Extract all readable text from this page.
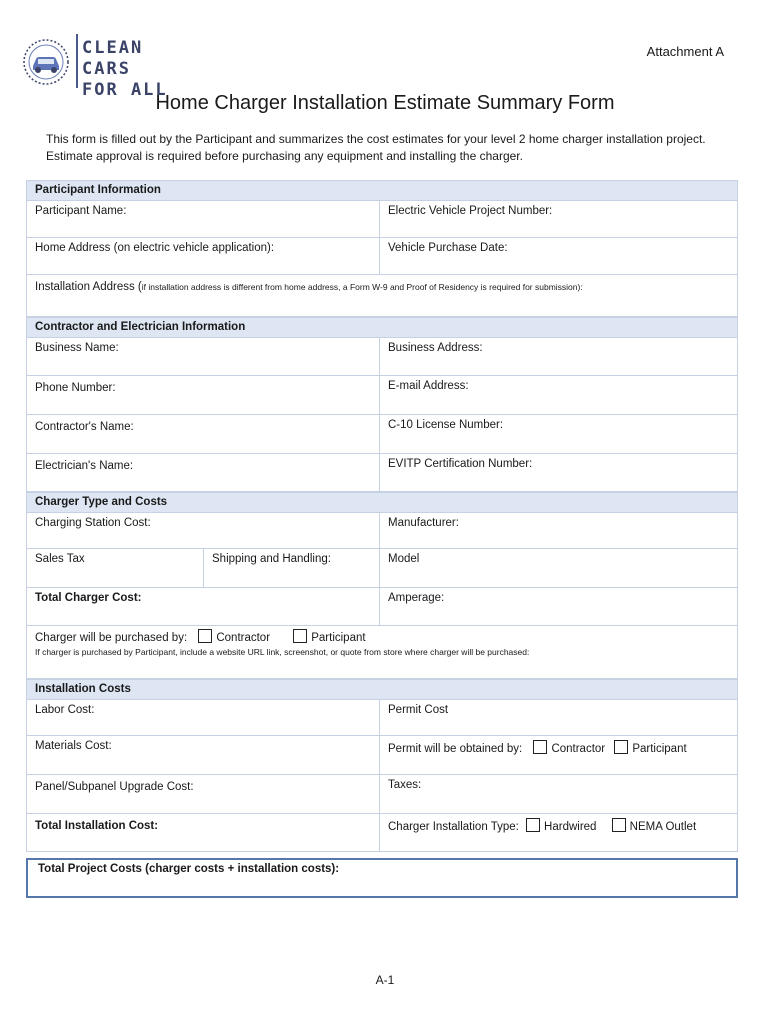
CLEAN CARS
FOR ALL
Attachment A
Home Charger Installation Estimate Summary Form
This form is filled out by the Participant and summarizes the cost estimates for your level 2 home charger installation project. Estimate approval is required before purchasing any equipment and installing the charger.
Participant Information
Participant Name:	Electric Vehicle Project Number:
Home Address (on electric vehicle application):	Vehicle Purchase Date:
Installation Address (if installation address is different from home address, a Form W-9 and Proof of Residency is required for submission):
Contractor and Electrician Information
Business Name:	Business Address:
Phone Number:	E-mail Address:
Contractor's Name:	C-10 License Number:
Electrician's Name:	EVITP Certification Number:
Charger Type and Costs
Charging Station Cost:	Manufacturer:
Sales Tax	Shipping and Handling:	Model
Total Charger Cost:	Amperage:
Charger will be purchased by:	Contractor	Participant
If charger is purchased by Participant, include a website URL link, screenshot, or quote from store where charger will be purchased:
Installation Costs
Labor Cost:	Permit Cost
Materials Cost:	Permit will be obtained by:	Contractor Participant
Panel/Subpanel Upgrade Cost:	Taxes:
Total Installation Cost:	Charger Installation Type: Hardwired	NEMA Outlet
Total Project Costs (charger costs + installation costs):
A-1
